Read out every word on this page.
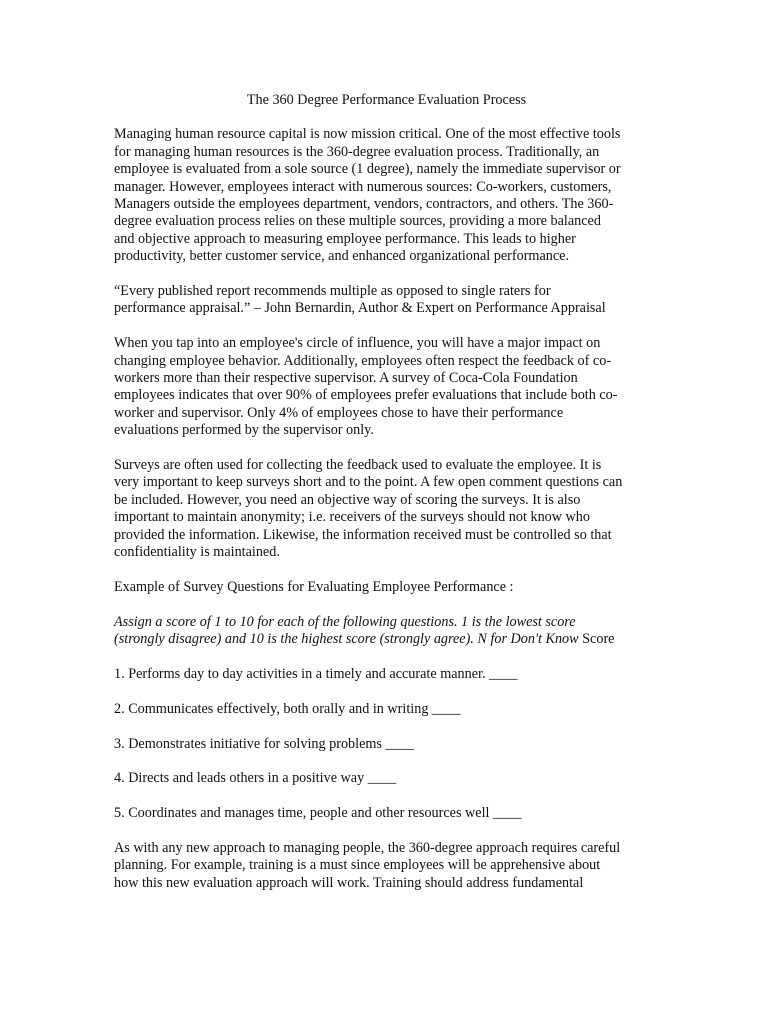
The 360 Degree Performance Evaluation Process
Managing human resource capital is now mission critical. One of the most effective tools
for managing human resources is the 360-degree evaluation process. Traditionally, an
employee is evaluated from a sole source (1 degree), namely the immediate supervisor or
manager. However, employees interact with numerous sources: Co-workers, customers,
Managers outside the employees department, vendors, contractors, and others. The 360-
degree evaluation process relies on these multiple sources, providing a more balanced
and objective approach to measuring employee performance. This leads to higher
productivity, better customer service, and enhanced organizational performance.
“Every published report recommends multiple as opposed to single raters for
performance appraisal.” – John Bernardin, Author & Expert on Performance Appraisal
When you tap into an employee's circle of influence, you will have a major impact on
changing employee behavior. Additionally, employees often respect the feedback of co-
workers more than their respective supervisor. A survey of Coca-Cola Foundation
employees indicates that over 90% of employees prefer evaluations that include both co-
worker and supervisor. Only 4% of employees chose to have their performance
evaluations performed by the supervisor only.
Surveys are often used for collecting the feedback used to evaluate the employee. It is
very important to keep surveys short and to the point. A few open comment questions can
be included. However, you need an objective way of scoring the surveys. It is also
important to maintain anonymity; i.e. receivers of the surveys should not know who
provided the information. Likewise, the information received must be controlled so that
confidentiality is maintained.
Example of Survey Questions for Evaluating Employee Performance :
Assign a score of 1 to 10 for each of the following questions. 1 is the lowest score
(strongly disagree) and 10 is the highest score (strongly agree). N for Don't Know Score
1. Performs day to day activities in a timely and accurate manner. ____
2. Communicates effectively, both orally and in writing ____
3. Demonstrates initiative for solving problems ____
4. Directs and leads others in a positive way ____
5. Coordinates and manages time, people and other resources well ____
As with any new approach to managing people, the 360-degree approach requires careful
planning. For example, training is a must since employees will be apprehensive about
how this new evaluation approach will work. Training should address fundamental
